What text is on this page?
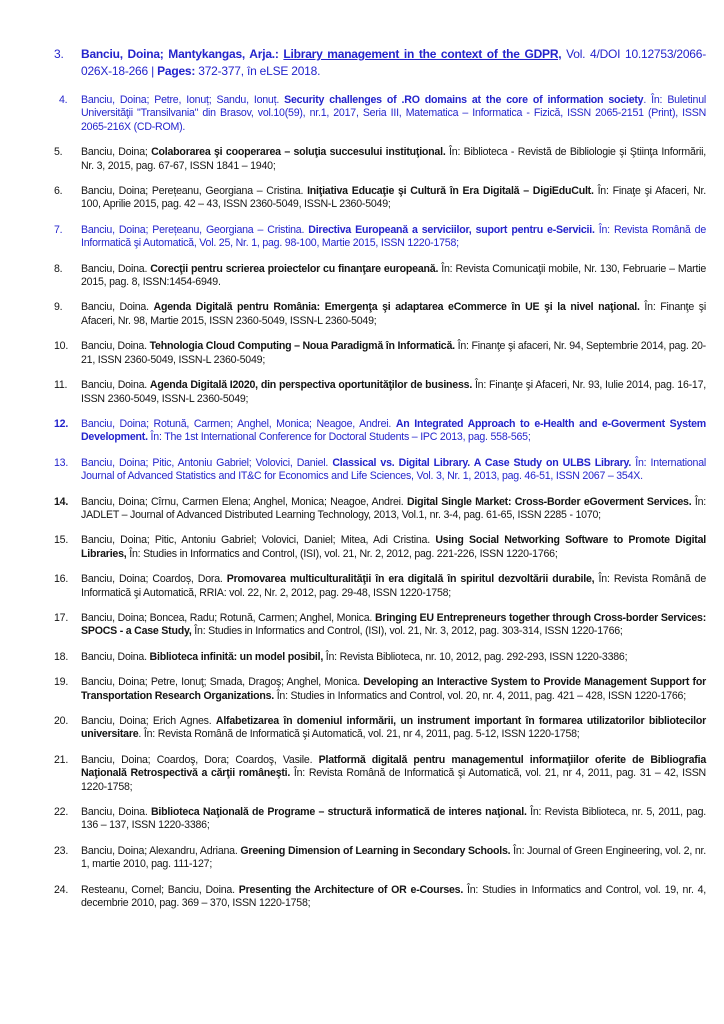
3.	Banciu, Doina; Mantykangas, Arja.: Library management in the context of the GDPR, Vol. 4/DOI 10.12753/2066-026X-18-266 | Pages: 372-377, în eLSE 2018.
4.	Banciu, Doina; Petre, Ionuț; Sandu, Ionuț. Security challenges of .RO domains at the core of information society. În: Buletinul Universităţii "Transilvania" din Brasov, vol.10(59), nr.1, 2017, Seria III, Matematica – Informatica - Fizică, ISSN 2065-2151 (Print), ISSN 2065-216X (CD-ROM).
5.	Banciu, Doina; Colaborarea şi cooperarea – soluţia succesului instituţional. În: Biblioteca - Revistă de Bibliologie şi Ştiinţa Informării, Nr. 3, 2015, pag. 67-67, ISSN 1841 – 1940;
6.	Banciu, Doina; Perețeanu, Georgiana – Cristina. Iniţiativa Educaţie şi Cultură în Era Digitală – DigiEduCult. În: Finaţe şi Afaceri, Nr. 100, Aprilie 2015, pag. 42 – 43, ISSN 2360-5049, ISSN-L 2360-5049;
7.	Banciu, Doina; Perețeanu, Georgiana – Cristina. Directiva Europeană a serviciilor, suport pentru e-Servicii. În: Revista Română de Informatică şi Automatică, Vol. 25, Nr. 1, pag. 98-100, Martie 2015, ISSN 1220-1758;
8.	Banciu, Doina. Corecţii pentru scrierea proiectelor cu finanţare europeană. În: Revista Comunicaţii mobile, Nr. 130, Februarie – Martie 2015, pag. 8, ISSN:1454-6949.
9.	Banciu, Doina. Agenda Digitală pentru România: Emergenţa şi adaptarea eCommerce în UE şi la nivel naţional. În: Finanţe şi Afaceri, Nr. 98, Martie 2015, ISSN 2360-5049, ISSN-L 2360-5049;
10.	Banciu, Doina. Tehnologia Cloud Computing – Noua Paradigmă în Informatică. În: Finanţe şi afaceri, Nr. 94, Septembrie 2014, pag. 20-21, ISSN 2360-5049, ISSN-L 2360-5049;
11.	Banciu, Doina. Agenda Digitală I2020, din perspectiva oportunităţilor de business. În: Finanţe şi Afaceri, Nr. 93, Iulie 2014, pag. 16-17, ISSN 2360-5049, ISSN-L 2360-5049;
12.	Banciu, Doina; Rotună, Carmen; Anghel, Monica; Neagoe, Andrei. An Integrated Approach to e-Health and e-Goverment System Development. În: The 1st International Conference for Doctoral Students – IPC 2013, pag. 558-565;
13.	Banciu, Doina; Pitic, Antoniu Gabriel; Volovici, Daniel. Classical vs. Digital Library. A Case Study on ULBS Library. În: International Journal of Advanced Statistics and IT&C for Economics and Life Sciences, Vol. 3, Nr. 1, 2013, pag. 46-51, ISSN 2067 – 354X.
14.	Banciu, Doina; Cîrnu, Carmen Elena; Anghel, Monica; Neagoe, Andrei. Digital Single Market: Cross-Border eGoverment Services. În: JADLET – Journal of Advanced Distributed Learning Technology, 2013, Vol.1, nr. 3-4, pag. 61-65, ISSN 2285 - 1070;
15.	Banciu, Doina; Pitic, Antoniu Gabriel; Volovici, Daniel; Mitea, Adi Cristina. Using Social Networking Software to Promote Digital Libraries, În: Studies in Informatics and Control, (ISI), vol. 21, Nr. 2, 2012, pag. 221-226, ISSN 1220-1766;
16.	Banciu, Doina; Coardoș, Dora. Promovarea multiculturalităţii în era digitală în spiritul dezvoltării durabile, În: Revista Română de Informatică şi Automatică, RRIA: vol. 22, Nr. 2, 2012, pag. 29-48, ISSN 1220-1758;
17.	Banciu, Doina; Boncea, Radu; Rotună, Carmen; Anghel, Monica. Bringing EU Entrepreneurs together through Cross-border Services: SPOCS - a Case Study, În: Studies in Informatics and Control, (ISI), vol. 21, Nr. 3, 2012, pag. 303-314, ISSN 1220-1766;
18.	Banciu, Doina. Biblioteca infinită: un model posibil, În: Revista Biblioteca, nr. 10, 2012, pag. 292-293, ISSN 1220-3386;
19.	Banciu, Doina; Petre, Ionuţ; Smada, Dragoş; Anghel, Monica. Developing an Interactive System to Provide Management Support for Transportation Research Organizations. În: Studies in Informatics and Control, vol. 20, nr. 4, 2011, pag. 421 – 428, ISSN 1220-1766;
20.	Banciu, Doina; Erich Agnes. Alfabetizarea în domeniul informării, un instrument important în formarea utilizatorilor bibliotecilor universitare. În: Revista Română de Informatică şi Automatică, vol. 21, nr 4, 2011, pag. 5-12, ISSN 1220-1758;
21.	Banciu, Doina; Coardoş, Dora; Coardoş, Vasile. Platformă digitală pentru managementul informaţiilor oferite de Bibliografia Naţională Retrospectivă a cărţii româneşti. În: Revista Română de Informatică şi Automatică, vol. 21, nr 4, 2011, pag. 31 – 42, ISSN 1220-1758;
22.	Banciu, Doina. Biblioteca Naţională de Programe – structură informatică de interes naţional. În: Revista Biblioteca, nr. 5, 2011, pag. 136 – 137, ISSN 1220-3386;
23.	Banciu, Doina; Alexandru, Adriana. Greening Dimension of Learning in Secondary Schools. În: Journal of Green Engineering, vol. 2, nr. 1, martie 2010, pag. 111-127;
24.	Resteanu, Cornel; Banciu, Doina. Presenting the Architecture of OR e-Courses. În: Studies in Informatics and Control, vol. 19, nr. 4, decembrie 2010, pag. 369 – 370, ISSN 1220-1758;
